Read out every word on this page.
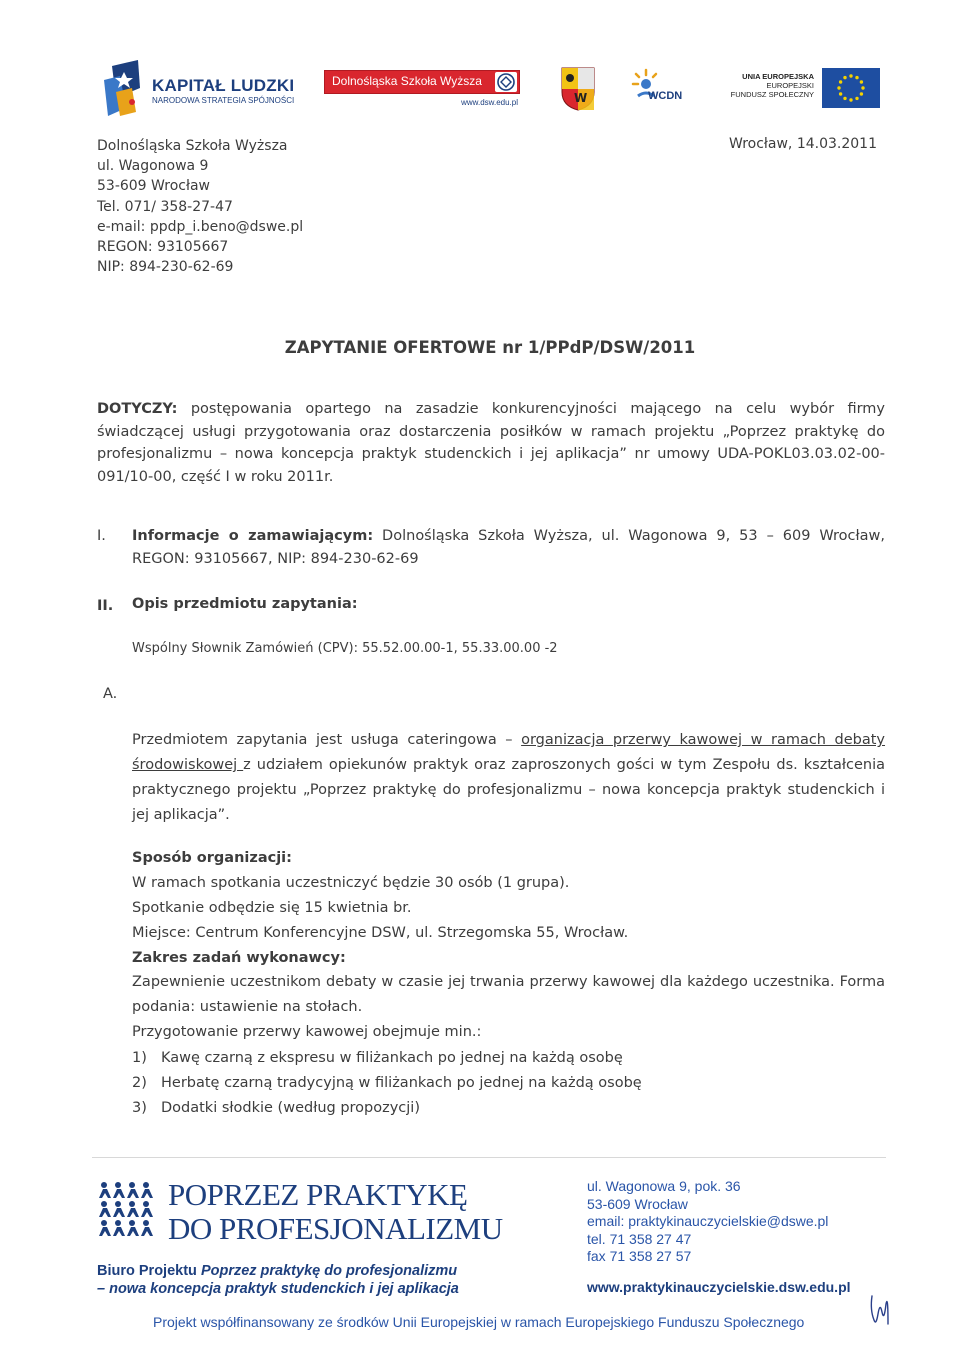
KAPITAŁ LUDZKI
NARODOWA STRATEGIA SPÓJNOŚCI
Dolnośląska Szkoła Wyższa
www.dsw.edu.pl	W	WCDN
UNIA EUROPEJSKA
EUROPEJSKI
FUNDUSZ SPOŁECZNY
Dolnośląska Szkoła Wyższa
ul. Wagonowa 9
53-609 Wrocław
Tel. 071/ 358-27-47
e-mail: ppdp_i.beno@dswe.pl
REGON: 93105667
NIP: 894-230-62-69
Wrocław, 14.03.2011
ZAPYTANIE OFERTOWE nr 1/PPdP/DSW/2011
DOTYCZY: postępowania opartego na zasadzie konkurencyjności mającego na celu wybór firmy świadczącej usługi przygotowania oraz dostarczenia posiłków w ramach projektu „Poprzez praktykę do profesjonalizmu – nowa koncepcja praktyk studenckich i jej aplikacja” nr umowy UDA-POKL03.03.02-00-091/10-00, część I w roku 2011r.
I. Informacje o zamawiającym: Dolnośląska Szkoła Wyższa, ul. Wagonowa 9, 53 – 609 Wrocław, REGON: 93105667, NIP: 894-230-62-69
II. Opis przedmiotu zapytania:
Wspólny Słownik Zamówień (CPV): 55.52.00.00-1, 55.33.00.00 -2
A.
Przedmiotem zapytania jest usługa cateringowa – organizacja przerwy kawowej w ramach debaty środowiskowej z udziałem opiekunów praktyk oraz zaproszonych gości w tym Zespołu ds. kształcenia praktycznego projektu „Poprzez praktykę do profesjonalizmu – nowa koncepcja praktyk studenckich i jej aplikacja”.
Sposób organizacji:
W ramach spotkania uczestniczyć będzie 30 osób (1 grupa).
Spotkanie odbędzie się 15 kwietnia br.
Miejsce: Centrum Konferencyjne DSW, ul. Strzegomska 55, Wrocław.
Zakres zadań wykonawcy:
Zapewnienie uczestnikom debaty w czasie jej trwania przerwy kawowej dla każdego uczestnika. Forma podania: ustawienie na stołach.
Przygotowanie przerwy kawowej obejmuje min.:
1) Kawę czarną z ekspresu w filiżankach po jednej na każdą osobę
2) Herbatę czarną tradycyjną w filiżankach po jednej na każdą osobę
3) Dodatki słodkie (według propozycji)
POPRZEZ PRAKTYKĘ
DO PROFESJONALIZMU
Biuro Projektu Poprzez praktykę do profesjonalizmu
– nowa koncepcja praktyk studenckich i jej aplikacja
ul. Wagonowa 9, pok. 36
53-609 Wrocław
email: praktykinauczycielskie@dswe.pl
tel. 71 358 27 47
fax 71 358 27 57
www.praktykinauczycielskie.dsw.edu.pl
Projekt współfinansowany ze środków Unii Europejskiej w ramach Europejskiego Funduszu Społecznego
